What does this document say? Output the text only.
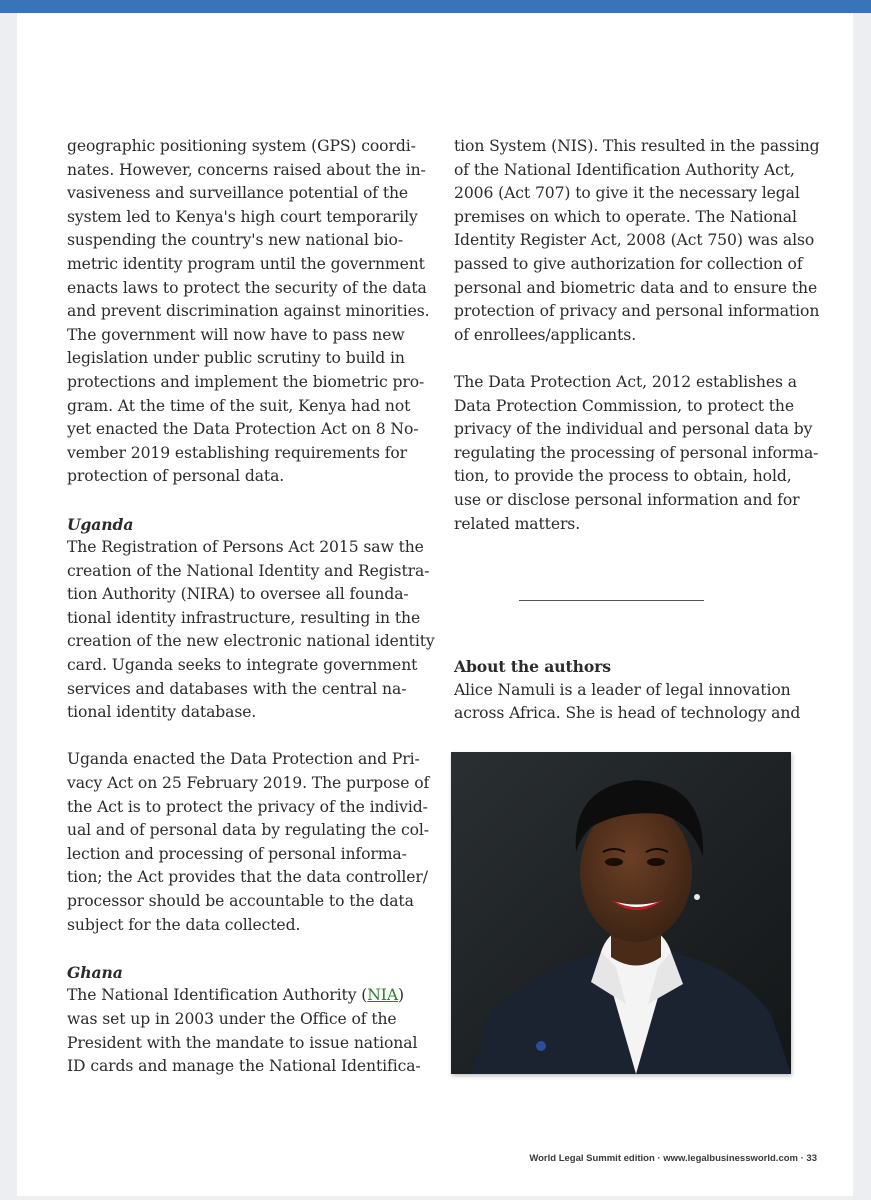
geographic positioning system (GPS) coordi-
nates. However, concerns raised about the in-
vasiveness and surveillance potential of the
system led to Kenya's high court temporarily
suspending the country's new national bio-
metric identity program until the government
enacts laws to protect the security of the data
and prevent discrimination against minorities.
The government will now have to pass new
legislation under public scrutiny to build in
protections and implement the biometric pro-
gram. At the time of the suit, Kenya had not
yet enacted the Data Protection Act on 8 No-
vember 2019 establishing requirements for
protection of personal data.
Uganda
The Registration of Persons Act 2015 saw the
creation of the National Identity and Registra-
tion Authority (NIRA) to oversee all founda-
tional identity infrastructure, resulting in the
creation of the new electronic national identity
card. Uganda seeks to integrate government
services and databases with the central na-
tional identity database.
Uganda enacted the Data Protection and Pri-
vacy Act on 25 February 2019. The purpose of
the Act is to protect the privacy of the individ-
ual and of personal data by regulating the col-
lection and processing of personal informa-
tion; the Act provides that the data controller/
processor should be accountable to the data
subject for the data collected.
Ghana
The National Identification Authority (NIA)
was set up in 2003 under the Office of the
President with the mandate to issue national
ID cards and manage the National Identifica-
tion System (NIS). This resulted in the passing
of the National Identification Authority Act,
2006 (Act 707) to give it the necessary legal
premises on which to operate. The National
Identity Register Act, 2008 (Act 750) was also
passed to give authorization for collection of
personal and biometric data and to ensure the
protection of privacy and personal information
of enrollees/applicants.
The Data Protection Act, 2012 establishes a
Data Protection Commission, to protect the
privacy of the individual and personal data by
regulating the processing of personal informa-
tion, to provide the process to obtain, hold,
use or disclose personal information and for
related matters.
About the authors
Alice Namuli is a leader of legal innovation
across Africa. She is head of technology and
World Legal Summit edition · www.legalbusinessworld.com · 33
